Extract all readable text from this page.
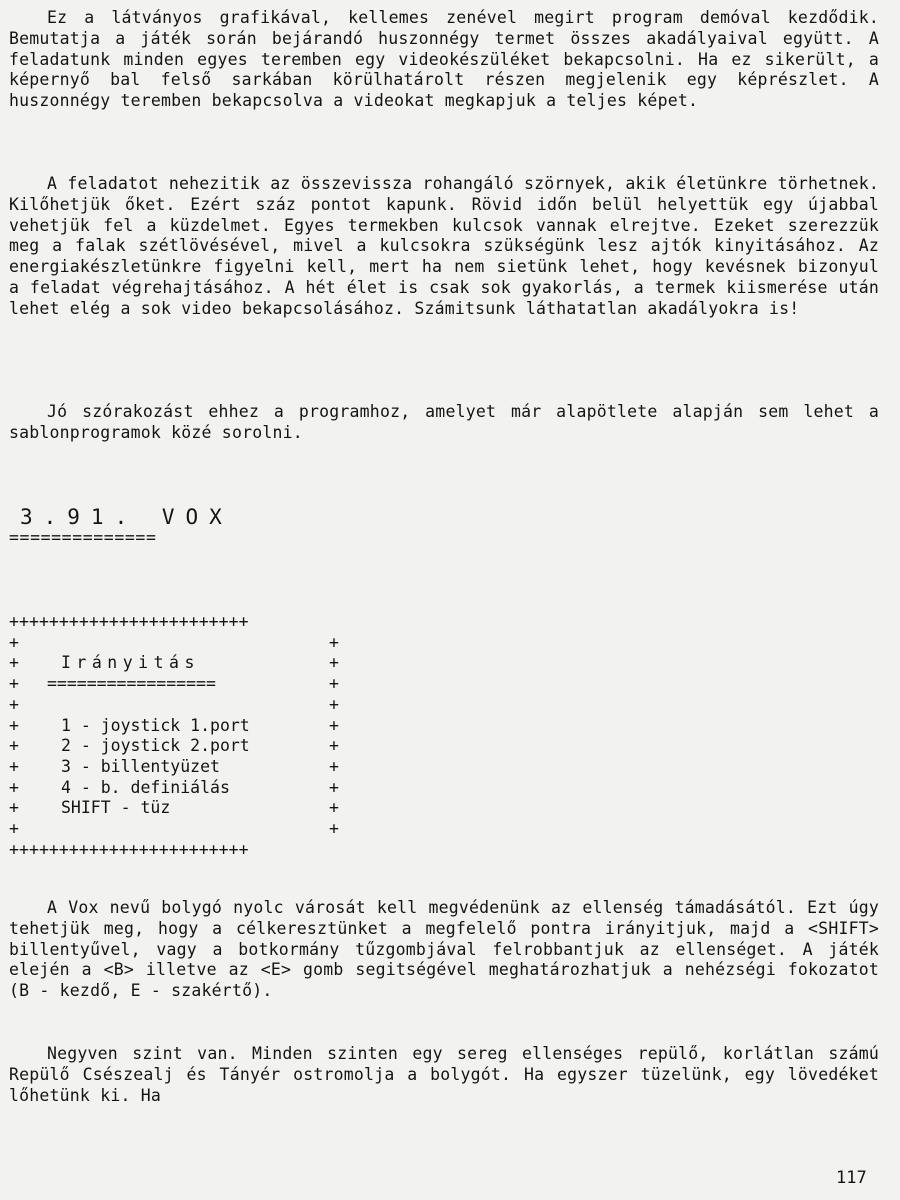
Ez a látványos grafikával, kellemes zenével megirt program demóval kezdődik. Bemutatja a játék során bejárandó huszonnégy termet összes akadályaival együtt. A feladatunk minden egyes teremben egy videokészüléket bekapcsolni. Ha ez sikerült, a képernyő bal felső sarkában körülhatárolt részen megjelenik egy képrészlet. A huszonnégy teremben bekapcsolva a videokat megkapjuk a teljes képet.

A feladatot nehezitik az összevissza rohangáló szörnyek, akik életünkre törhetnek. Kilőhetjük őket. Ezért száz pontot kapunk. Rövid időn belül helyettük egy újabbal vehetjük fel a küzdelmet. Egyes termekben kulcsok vannak elrejtve. Ezeket szerezzük meg a falak szétlövésével, mivel a kulcsokra szükségünk lesz ajtók kinyitásához. Az energiakészletünkre figyelni kell, mert ha nem sietünk lehet, hogy kevésnek bizonyul a feladat végrehajtásához. A hét élet is csak sok gyakorlás, a termek kiismerése után lehet elég a sok video bekapcsolásához. Számitsunk láthatatlan akadályokra is!

Jó szórakozást ehhez a programhoz, amelyet már alapötlete alapján sem lehet a sablonprogramok közé sorolni.

3.91. VOX

==============

++++++++++++++++++++++++

+	+

+	Irányitás	+

+ =================	+

+	+

+	1 - joystick 1.port	+

+	2 - joystick 2.port	+

+	3 - billentyüzet	+

+	4 - b. definiálás	+

+	SHIFT - tüz	+

+	+

++++++++++++++++++++++++

A Vox nevű bolygó nyolc városát kell megvédenünk az ellenség támadásától. Ezt úgy tehetjük meg, hogy a célkeresztünket a megfelelő pontra irányitjuk, majd a <SHIFT> billentyűvel, vagy a botkormány tűzgombjával felrobbantjuk az ellenséget. A játék elején a <B> illetve az <E> gomb segitségével meghatározhatjuk a nehézségi fokozatot (B - kezdő, E - szakértő).

Negyven szint van. Minden szinten egy sereg ellenséges repülő, korlátlan számú Repülő Csészealj és Tányér ostromolja a bolygót. Ha egyszer tüzelünk, egy lövedéket lőhetünk ki. Ha

117
